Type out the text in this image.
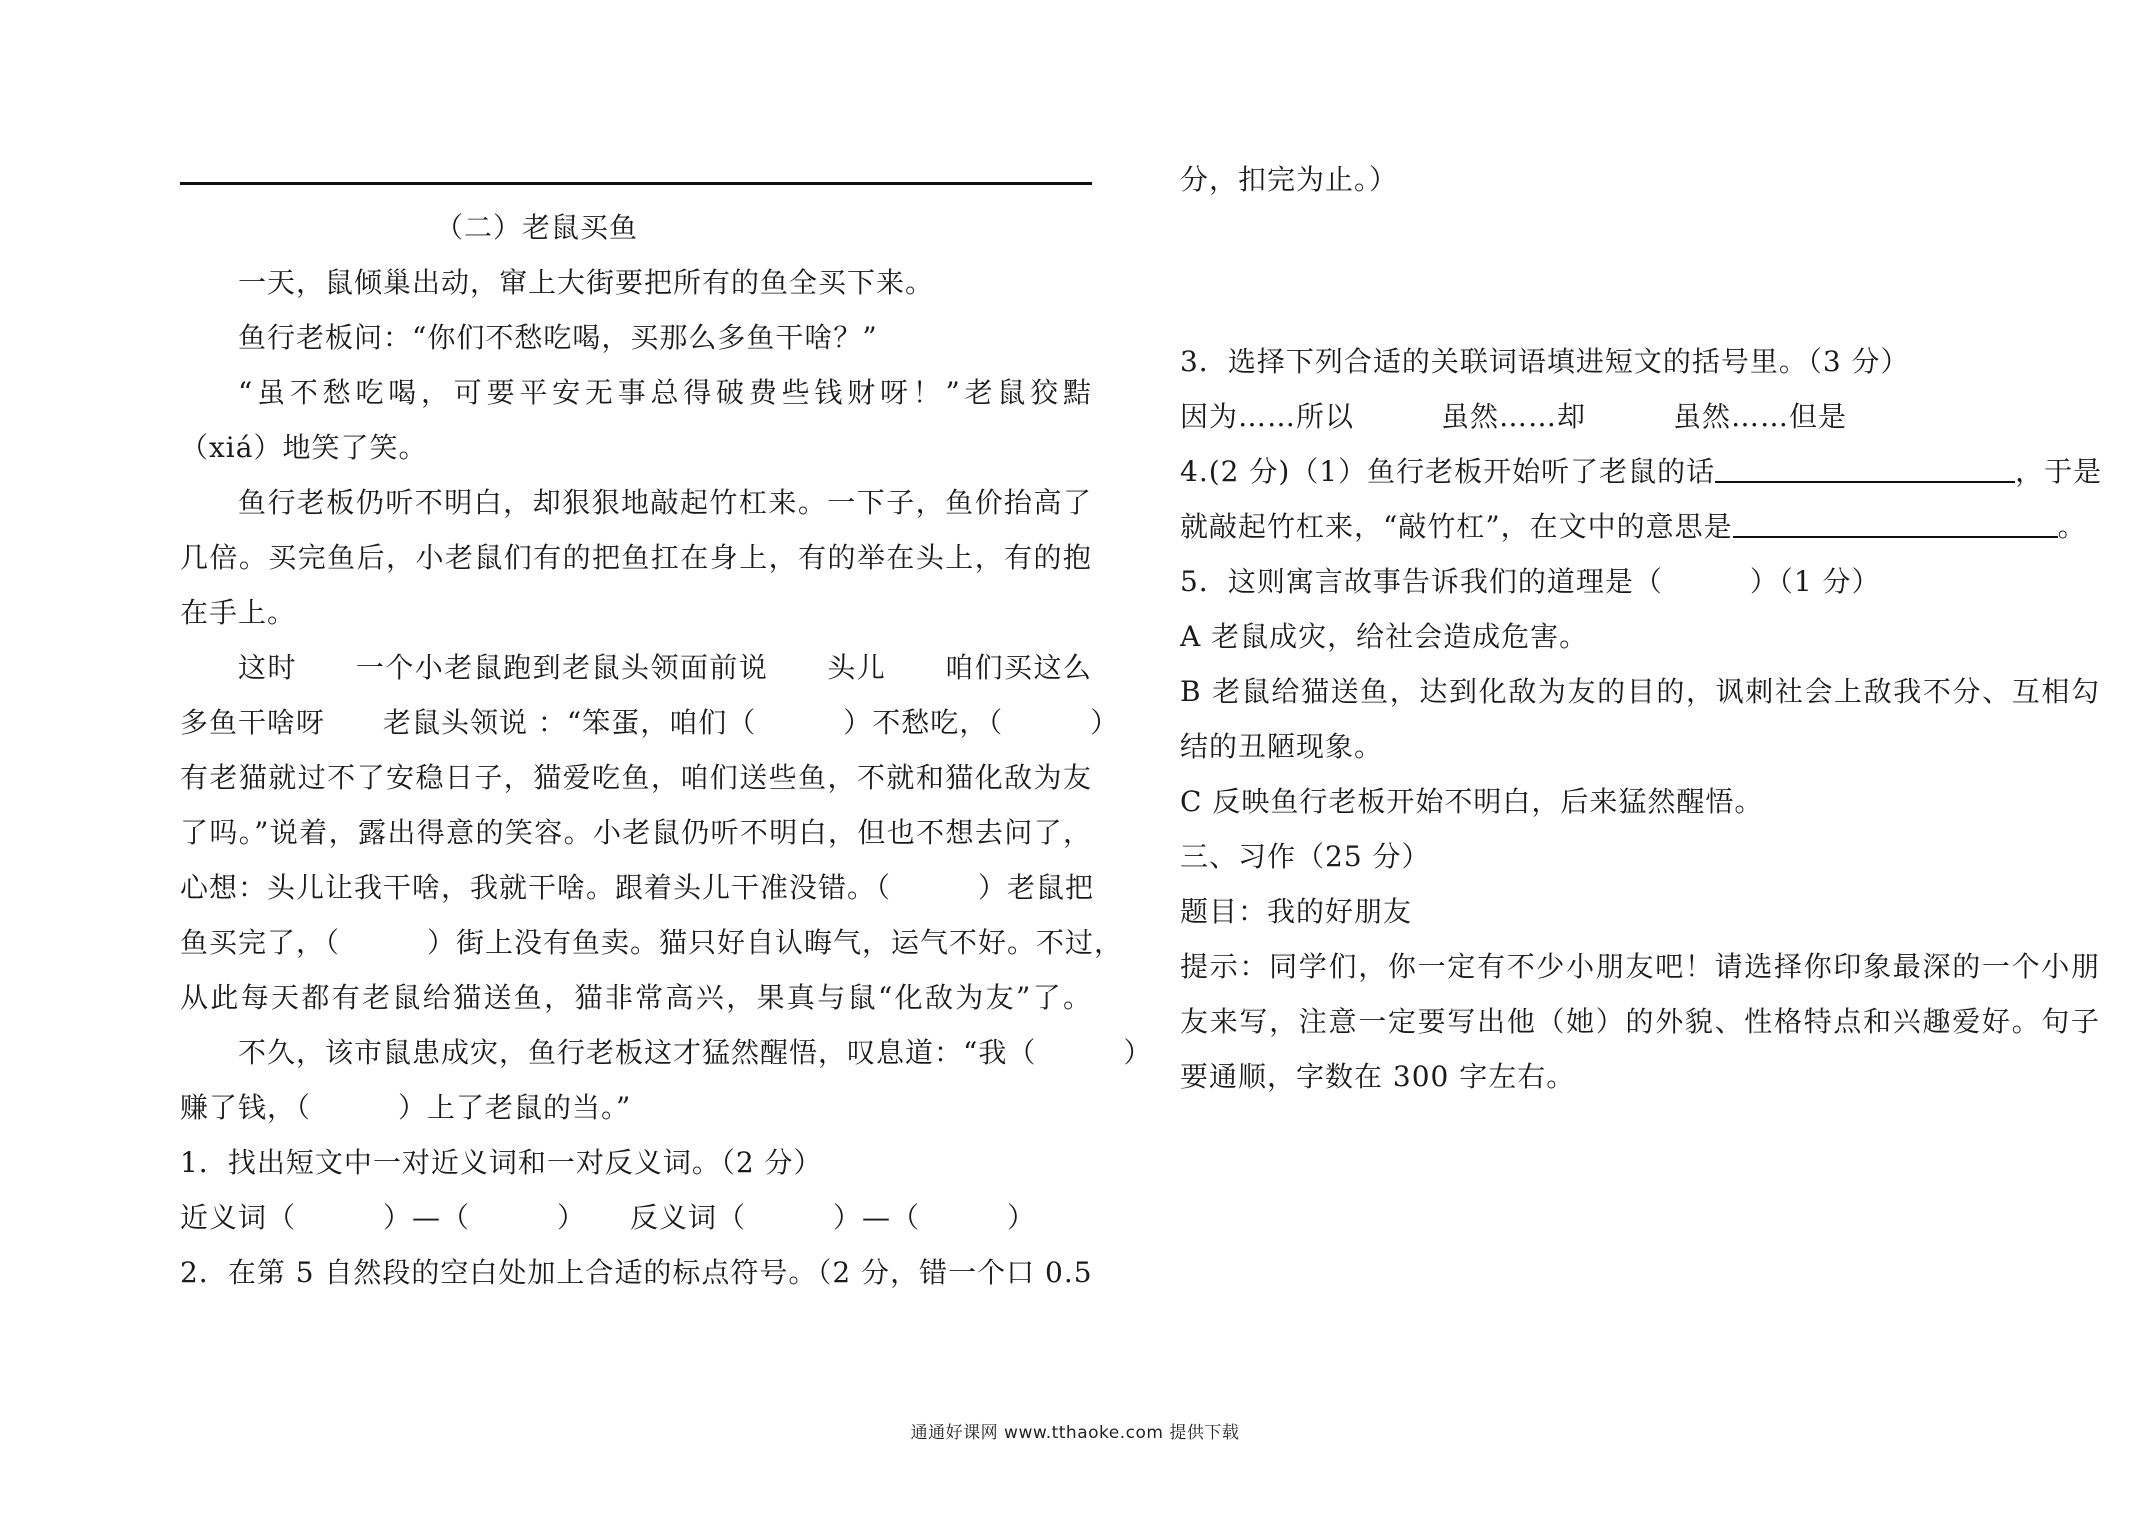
（二）老鼠买鱼
一天，鼠倾巢出动，窜上大街要把所有的鱼全买下来。
鱼行老板问：“你们不愁吃喝，买那么多鱼干啥？”
“虽不愁吃喝，可要平安无事总得破费些钱财呀！”老鼠狡黠
（xiá）地笑了笑。
鱼行老板仍听不明白，却狠狠地敲起竹杠来。一下子，鱼价抬高了
几倍。买完鱼后，小老鼠们有的把鱼扛在身上，有的举在头上，有的抱
在手上。
这时　　一个小老鼠跑到老鼠头领面前说　　头儿　　咱们买这么
多鱼干啥呀　　老鼠头领说 ：“笨蛋，咱们（　　　）不愁吃，（　　　）
有老猫就过不了安稳日子，猫爱吃鱼，咱们送些鱼，不就和猫化敌为友
了吗。”说着，露出得意的笑容。小老鼠仍听不明白，但也不想去问了，
心想：头儿让我干啥，我就干啥。跟着头儿干准没错。（　　　）老鼠把
鱼买完了，（　　　）街上没有鱼卖。猫只好自认晦气，运气不好。不过，
从此每天都有老鼠给猫送鱼，猫非常高兴，果真与鼠“化敌为友”了。
不久，该市鼠患成灾，鱼行老板这才猛然醒悟，叹息道：“我（　　　）
赚了钱，（　　　）上了老鼠的当。”
1．找出短文中一对近义词和一对反义词。（2 分）
近义词（　　　）—（　　　）　　反义词（　　　）—（　　　）
2．在第 5 自然段的空白处加上合适的标点符号。（2 分，错一个口 0.5
分，扣完为止。）
3．选择下列合适的关联词语填进短文的括号里。（3 分）
因为……所以　　　虽然……却　　　虽然……但是
4.(2 分)（1）鱼行老板开始听了老鼠的话	，于是
就敲起竹杠来，“敲竹杠”，在文中的意思是	。
5．这则寓言故事告诉我们的道理是（　　　）（1 分）
A 老鼠成灾，给社会造成危害。
B 老鼠给猫送鱼，达到化敌为友的目的，讽刺社会上敌我不分、互相勾
结的丑陋现象。
C 反映鱼行老板开始不明白，后来猛然醒悟。
三、习作（25 分）
题目：我的好朋友
提示：同学们，你一定有不少小朋友吧！请选择你印象最深的一个小朋
友来写，注意一定要写出他（她）的外貌、性格特点和兴趣爱好。句子
要通顺，字数在 300 字左右。
通通好课网 www.tthaoke.com 提供下载
